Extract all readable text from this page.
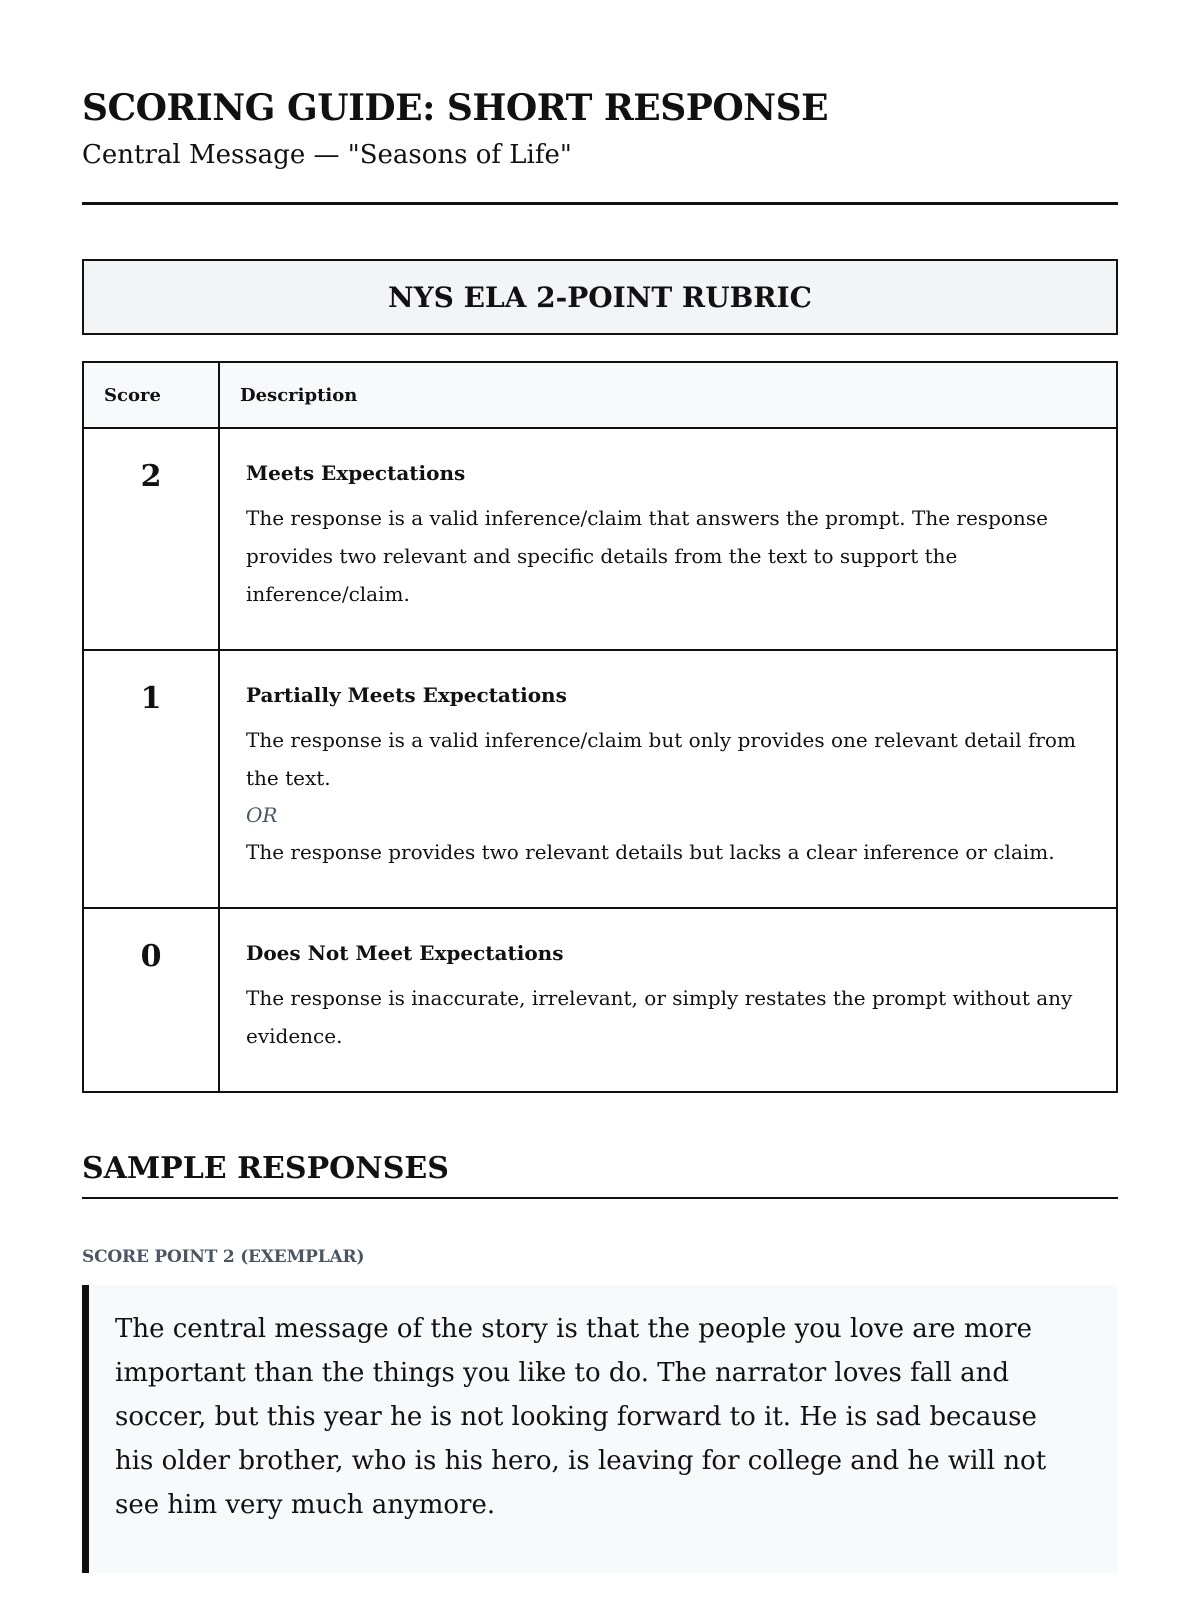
SCORING GUIDE: SHORT RESPONSE
Central Message — "Seasons of Life"
NYS ELA 2-POINT RUBRIC
Score	Description
2	Meets Expectations
The response is a valid inference/claim that answers the prompt. The response provides two relevant and specific details from the text to support the inference/claim.

1	Partially Meets Expectations
The response is a valid inference/claim but only provides one relevant detail from the text.
OR
The response provides two relevant details but lacks a clear inference or claim.

0	Does Not Meet Expectations
The response is inaccurate, irrelevant, or simply restates the prompt without any evidence.
SAMPLE RESPONSES
SCORE POINT 2 (EXEMPLAR)
The central message of the story is that the people you love are more important than the things you like to do. The narrator loves fall and soccer, but this year he is not looking forward to it. He is sad because his older brother, who is his hero, is leaving for college and he will not see him very much anymore.
